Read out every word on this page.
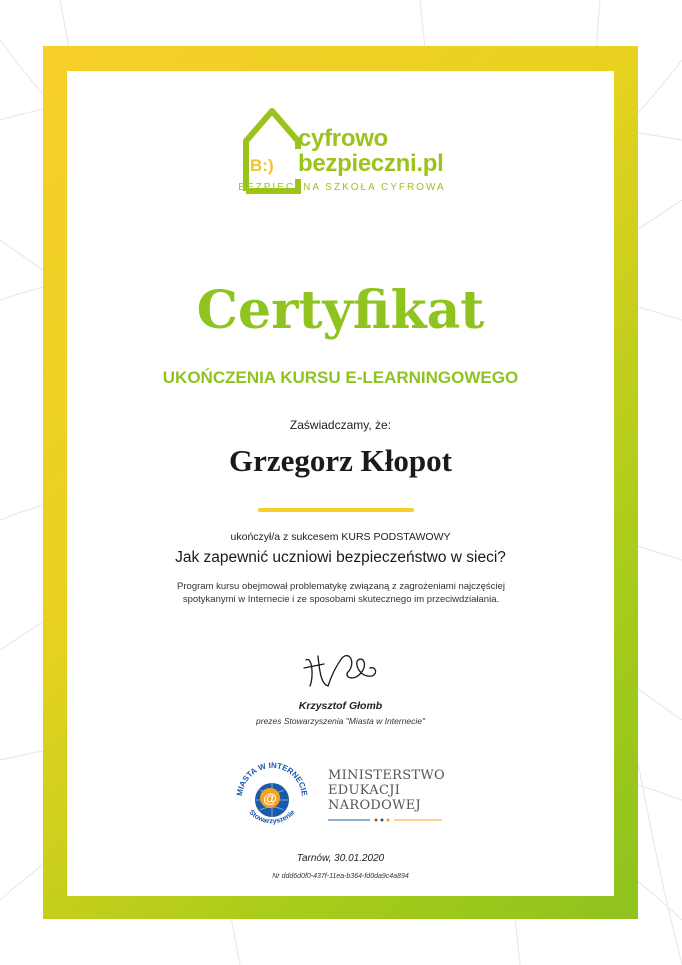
B:)
cyfrowo
bezpieczni.pl
BEZPIECZNA SZKOŁA CYFROWA
Certyfikat
UKOŃCZENIA KURSU E-LEARNINGOWEGO
Zaświadczamy, że:
Grzegorz Kłopot
ukończył/a z sukcesem KURS PODSTAWOWY
Jak zapewnić uczniowi bezpieczeństwo w sieci?
Program kursu obejmował problematykę związaną z zagrożeniami najczęściej spotykanymi w Internecie i ze sposobami skutecznego im przeciwdziałania.
Krzysztof Głomb
prezes Stowarzyszenia "Miasta w Internecie"
MIASTA W INTERNECIE
@
Stowarzyszenie
MINISTERSTWO
EDUKACJI
NARODOWEJ
Tarnów, 30.01.2020
Nr ddd6d0f0-437f-11ea-b364-fd0da9c4a894
